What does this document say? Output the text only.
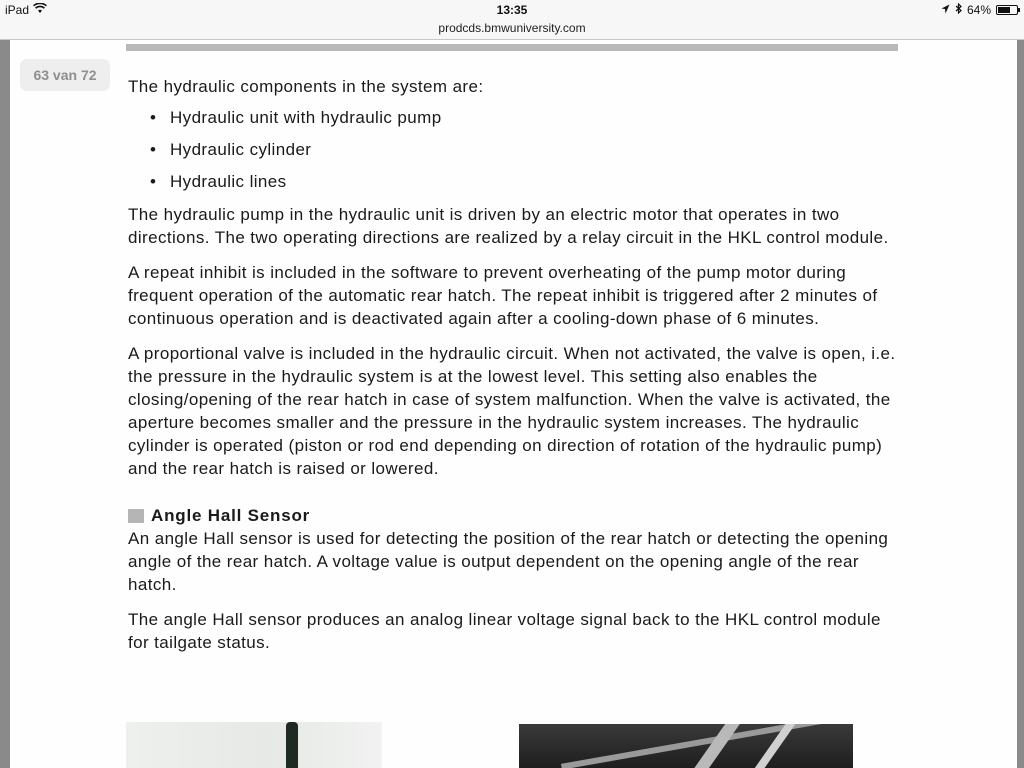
iPad	13:35	64%
prodcds.bmwuniversity.com
63 van 72

The hydraulic components in the system are:

• Hydraulic unit with hydraulic pump
• Hydraulic cylinder
• Hydraulic lines

The hydraulic pump in the hydraulic unit is driven by an electric motor that operates in two directions. The two operating directions are realized by a relay circuit in the HKL control module.

A repeat inhibit is included in the software to prevent overheating of the pump motor during frequent operation of the automatic rear hatch. The repeat inhibit is triggered after 2 minutes of continuous operation and is deactivated again after a cooling-down phase of 6 minutes.

A proportional valve is included in the hydraulic circuit. When not activated, the valve is open, i.e. the pressure in the hydraulic system is at the lowest level. This setting also enables the closing/opening of the rear hatch in case of system malfunction. When the valve is activated, the aperture becomes smaller and the pressure in the hydraulic system increases. The hydraulic cylinder is operated (piston or rod end depending on direction of rotation of the hydraulic pump) and the rear hatch is raised or lowered.

Angle Hall Sensor

An angle Hall sensor is used for detecting the position of the rear hatch or detecting the opening angle of the rear hatch. A voltage value is output dependent on the opening angle of the rear hatch.

The angle Hall sensor produces an analog linear voltage signal back to the HKL control module for tailgate status.
